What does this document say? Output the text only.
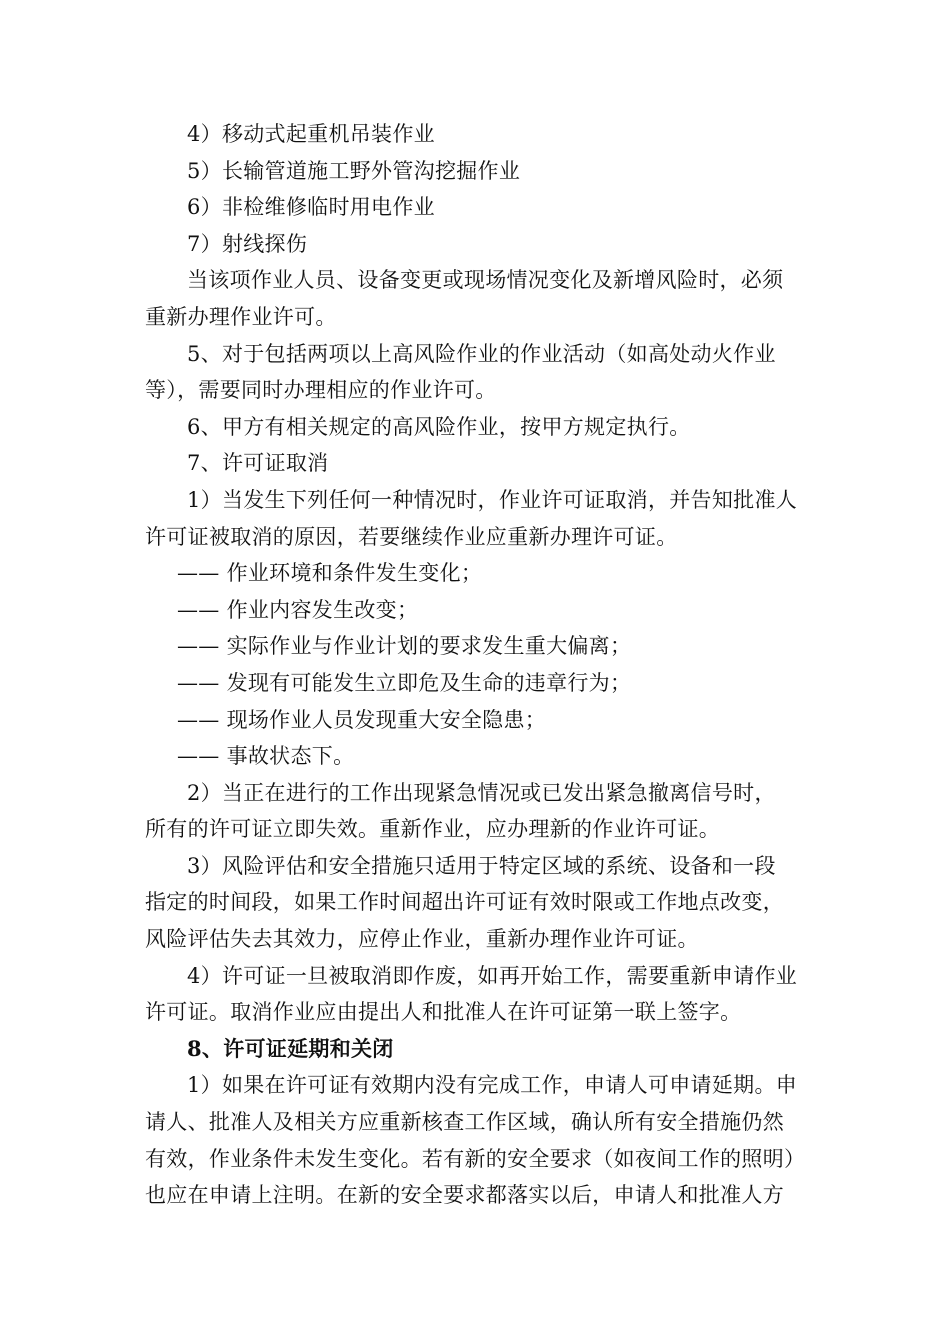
4）移动式起重机吊装作业
5）长输管道施工野外管沟挖掘作业
6）非检维修临时用电作业
7）射线探伤
当该项作业人员、设备变更或现场情况变化及新增风险时，必须
重新办理作业许可。
5、对于包括两项以上高风险作业的作业活动（如高处动火作业
等），需要同时办理相应的作业许可。
6、甲方有相关规定的高风险作业，按甲方规定执行。
7、许可证取消
1）当发生下列任何一种情况时，作业许可证取消，并告知批准人
许可证被取消的原因，若要继续作业应重新办理许可证。
—— 作业环境和条件发生变化；
—— 作业内容发生改变；
—— 实际作业与作业计划的要求发生重大偏离；
—— 发现有可能发生立即危及生命的违章行为；
—— 现场作业人员发现重大安全隐患；
—— 事故状态下。
2）当正在进行的工作出现紧急情况或已发出紧急撤离信号时，
所有的许可证立即失效。重新作业，应办理新的作业许可证。
3）风险评估和安全措施只适用于特定区域的系统、设备和一段
指定的时间段，如果工作时间超出许可证有效时限或工作地点改变，
风险评估失去其效力，应停止作业，重新办理作业许可证。
4）许可证一旦被取消即作废，如再开始工作，需要重新申请作业
许可证。取消作业应由提出人和批准人在许可证第一联上签字。
8、许可证延期和关闭
1）如果在许可证有效期内没有完成工作，申请人可申请延期。申
请人、批准人及相关方应重新核查工作区域，确认所有安全措施仍然
有效，作业条件未发生变化。若有新的安全要求（如夜间工作的照明）
也应在申请上注明。在新的安全要求都落实以后，申请人和批准人方
